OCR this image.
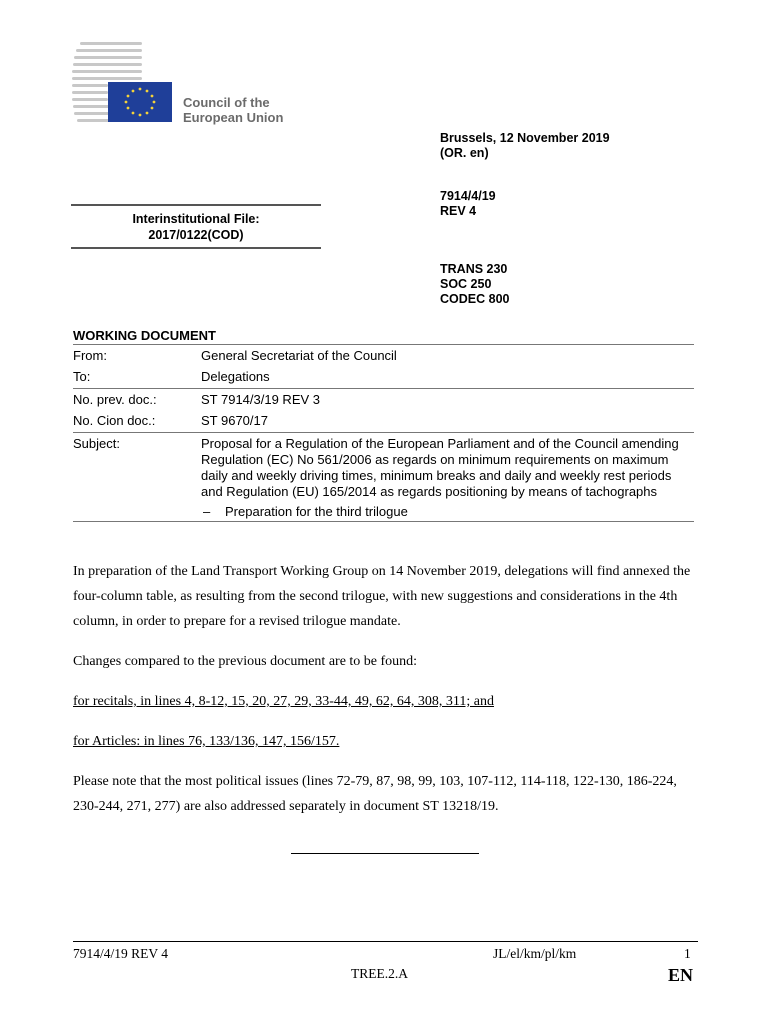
Council of the
European Union
Brussels, 12 November 2019
(OR. en)
7914/4/19
REV 4
TRANS 230
SOC 250
CODEC 800
Interinstitutional File:
2017/0122(COD)
WORKING DOCUMENT
From:	General Secretariat of the Council
To:	Delegations
No. prev. doc.:	ST 7914/3/19 REV 3
No. Cion doc.:	ST 9670/17
Subject:	Proposal for a Regulation of the European Parliament and of the Council amending Regulation (EC) No 561/2006 as regards on minimum requirements on maximum daily and weekly driving times, minimum breaks and daily and weekly rest periods and Regulation (EU) 165/2014 as regards positioning by means of tachographs
–	Preparation for the third trilogue
In preparation of the Land Transport Working Group on 14 November 2019, delegations will find annexed the four-column table, as resulting from the second trilogue, with new suggestions and considerations in the 4th column, in order to prepare for a revised trilogue mandate.
Changes compared to the previous document are to be found:
for recitals, in lines 4, 8-12, 15, 20, 27, 29, 33-44, 49, 62, 64, 308, 311; and
for Articles: in lines 76, 133/136, 147, 156/157.
Please note that the most political issues (lines 72-79, 87, 98, 99, 103, 107-112, 114-118, 122-130, 186-224, 230-244, 271, 277) are also addressed separately in document ST 13218/19.
7914/4/19 REV 4	JL/el/km/pl/km	1
TREE.2.A	EN
